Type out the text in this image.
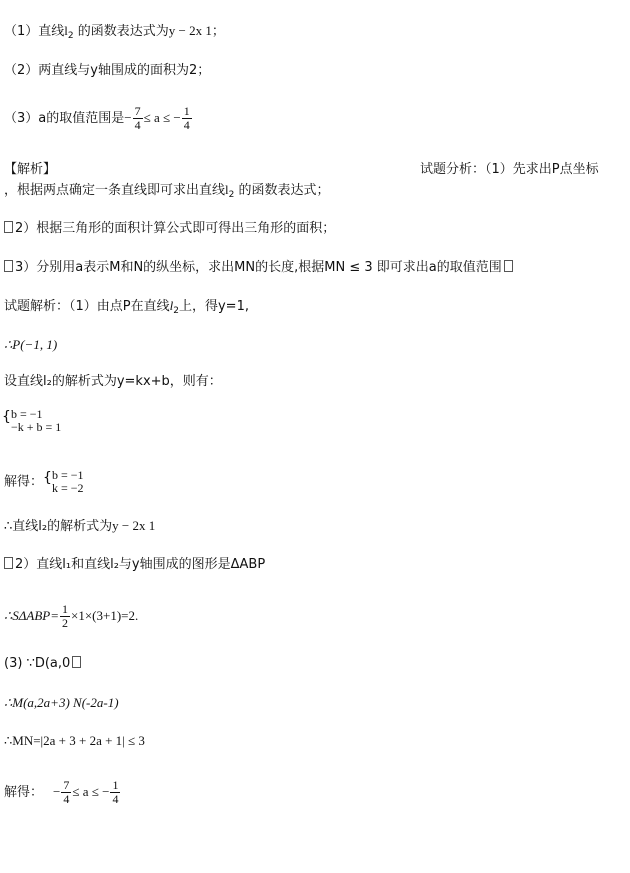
（1）直线$l_2$ 的函数表达式为y − 2x 1；
（2）两直线与y轴围成的面积为2；
（3）a的取值范围是− $\frac{7}{4} \le a$ ≤ − $\frac{1}{4}$
【解析】	试题分析：（1）先求出P点坐标
，根据两点确定一条直线即可求出直线$l_2$ 的函数表达式；
2）根据三角形的面积计算公式即可得出三角形的面积；
3）分别用a表示M和N的纵坐标，求出MN的长度,根据MN ≤ 3 即可求出a的取值范围
试题解析：（1）由点P在直线$l_2$上，得y=1,
∴P(−1, 1)
设直线l₂的解析式为y=kx+b，则有：
{ b = −1
−k + b = 1
解得： { b = −1
k = −2
∴直线l₂的解析式为y − 2x 1
2）直线l₁和直线l₂与y轴围成的图形是ΔABP
∴SΔABP= $\frac{1}{2} \times 1\times(3+1)=2$.
(3) ∵D(a,0
∴M(a,2a+3) N(-2a-1)
∴MN=|2a + 3 + 2a + 1| ≤ 3
解得： − $\frac{7}{4} \le a$ ≤ − $\frac{1}{4}$
